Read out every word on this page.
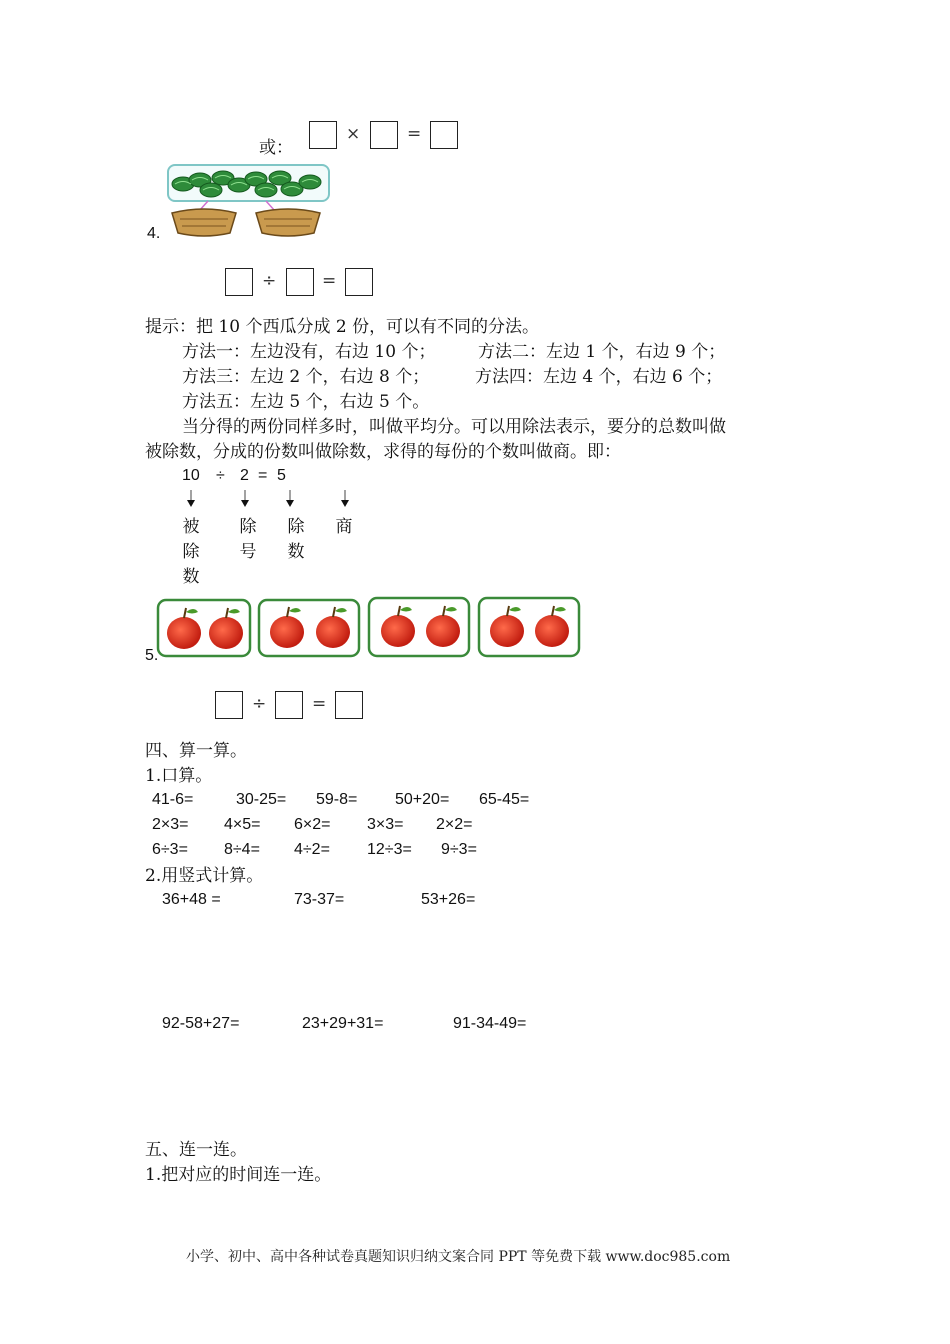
或：
×	=
4.
÷	=
提示：把 10 个西瓜分成 2 份，可以有不同的分法。
方法一：左边没有，右边 10 个；	方法二：左边 1 个，右边 9 个；
方法三：左边 2 个，右边 8 个；	方法四：左边 4 个，右边 6 个；
方法五：左边 5 个，右边 5 个。
当分得的两份同样多时，叫做平均分。可以用除法表示，要分的总数叫做
被除数，分成的份数叫做除数，求得的每份的个数叫做商。即：
10 ÷ 2 = 5
被除数
除号
除数
商
5.
÷	=
四、算一算。
1.口算。
41-6=	30-25= 59-8= 50+20= 65-45=
2×3= 4×5= 6×2= 3×3= 2×2=
6÷3= 8÷4= 4÷2= 12÷3= 9÷3=
2.用竖式计算。
36+48 =	73-37=	53+26=
92-58+27=	23+29+31=	91-34-49=
五、连一连。
1.把对应的时间连一连。
小学、初中、高中各种试卷真题知识归纳文案合同 PPT 等免费下载 www.doc985.com
